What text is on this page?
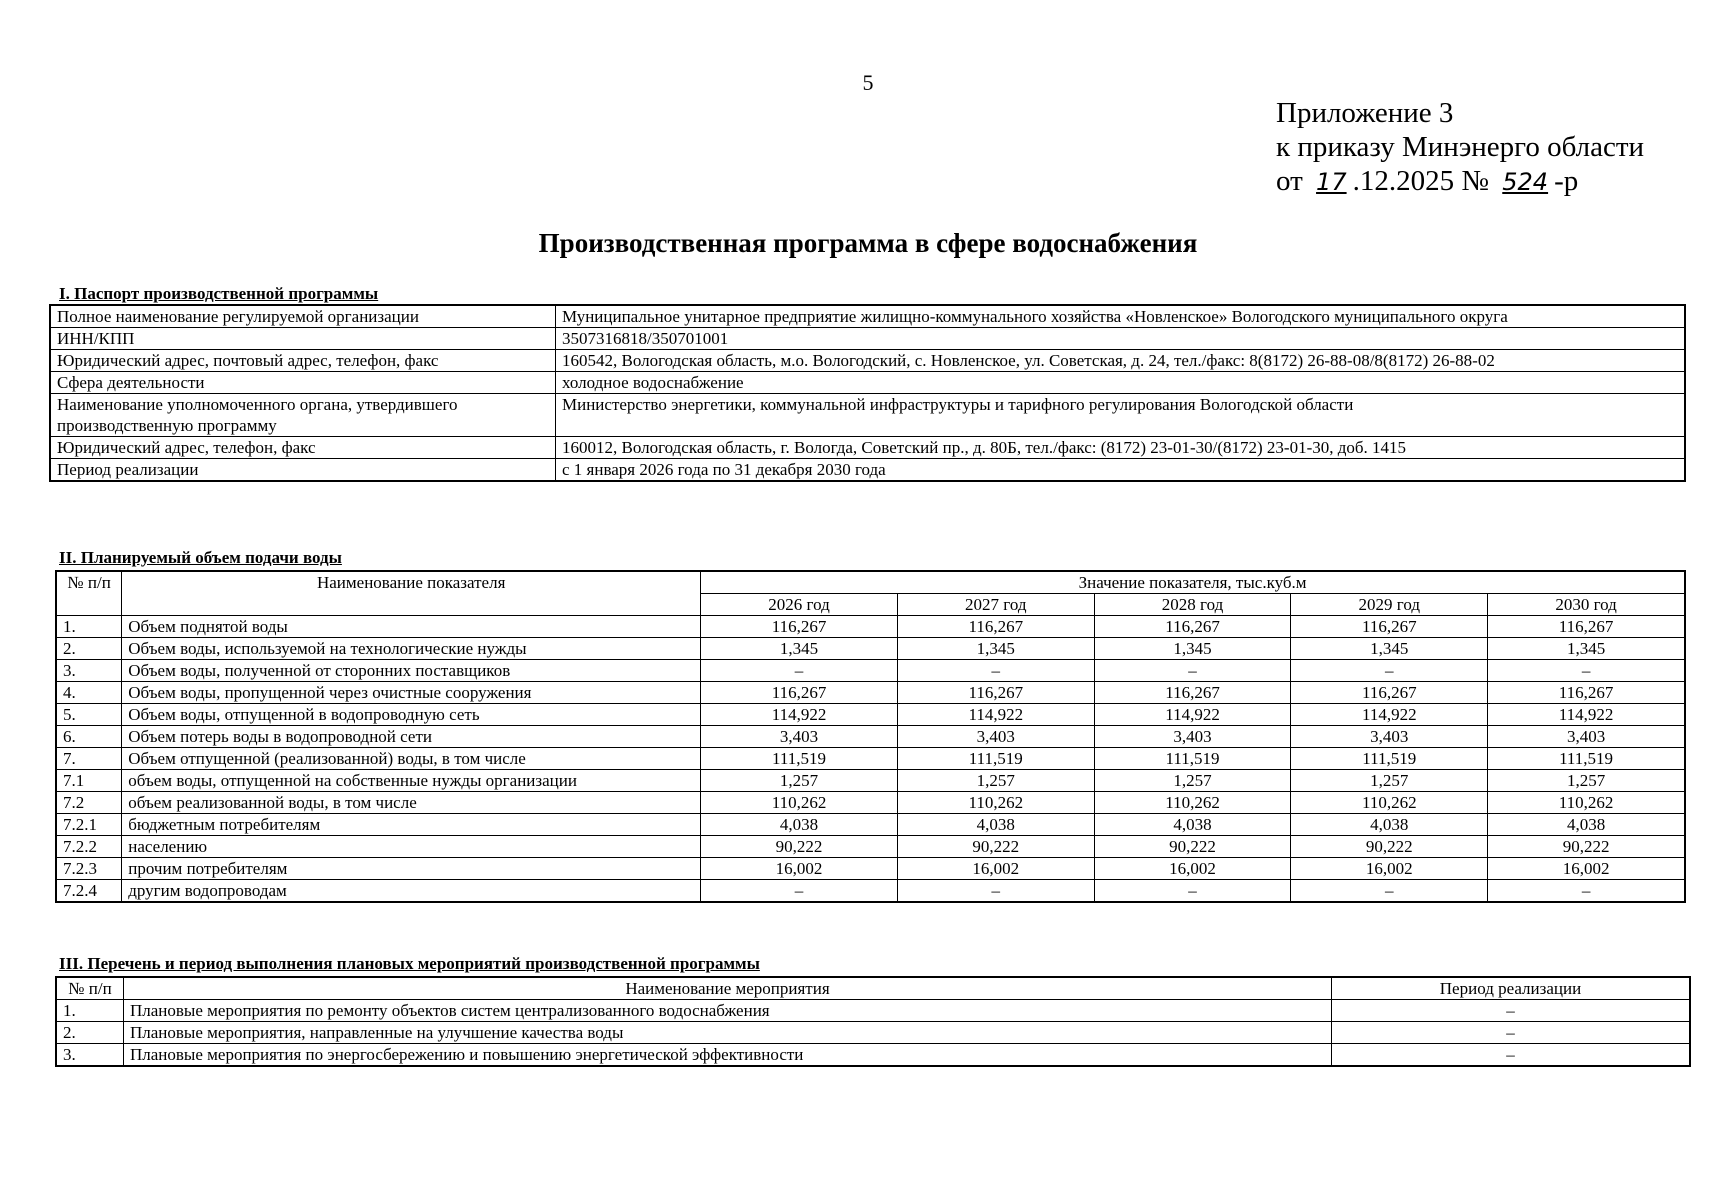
5
Приложение 3
к приказу Минэнерго области
от 17 .12.2025 № 524 -р
Производственная программа в сфере водоснабжения
I. Паспорт производственной программы
Полное наименование регулируемой организации	Муниципальное унитарное предприятие жилищно-коммунального хозяйства «Новленское» Вологодского муниципального округа
ИНН/КПП	3507316818/350701001
Юридический адрес, почтовый адрес, телефон, факс	160542, Вологодская область, м.о. Вологодский, с. Новленское, ул. Советская, д. 24, тел./факс: 8(8172) 26-88-08/8(8172) 26-88-02
Сфера деятельности	холодное водоснабжение
Наименование уполномоченного органа, утвердившего производственную программу	Министерство энергетики, коммунальной инфраструктуры и тарифного регулирования Вологодской области
Юридический адрес, телефон, факс	160012, Вологодская область, г. Вологда, Советский пр., д. 80Б, тел./факс: (8172) 23-01-30/(8172) 23-01-30, доб. 1415
Период реализации	с 1 января 2026 года по 31 декабря 2030 года
II. Планируемый объем подачи воды
№ п/п	Наименование показателя	Значение показателя, тыс.куб.м				
		2026 год	2027 год	2028 год	2029 год	2030 год
1.	Объем поднятой воды	116,267	116,267	116,267	116,267	116,267
2.	Объем воды, используемой на технологические нужды	1,345	1,345	1,345	1,345	1,345
3.	Объем воды, полученной от сторонних поставщиков	–	–	–	–	–
4.	Объем воды, пропущенной через очистные сооружения	116,267	116,267	116,267	116,267	116,267
5.	Объем воды, отпущенной в водопроводную сеть	114,922	114,922	114,922	114,922	114,922
6.	Объем потерь воды в водопроводной сети	3,403	3,403	3,403	3,403	3,403
7.	Объем отпущенной (реализованной) воды, в том числе	111,519	111,519	111,519	111,519	111,519
7.1	объем воды, отпущенной на собственные нужды организации	1,257	1,257	1,257	1,257	1,257
7.2	объем реализованной воды, в том числе	110,262	110,262	110,262	110,262	110,262
7.2.1	бюджетным потребителям	4,038	4,038	4,038	4,038	4,038
7.2.2	населению	90,222	90,222	90,222	90,222	90,222
7.2.3	прочим потребителям	16,002	16,002	16,002	16,002	16,002
7.2.4	другим водопроводам	–	–	–	–	–
III. Перечень и период выполнения плановых мероприятий производственной программы
№ п/п	Наименование мероприятия	Период реализации
1.	Плановые мероприятия по ремонту объектов систем централизованного водоснабжения	–
2.	Плановые мероприятия, направленные на улучшение качества воды	–
3.	Плановые мероприятия по энергосбережению и повышению энергетической эффективности	–
